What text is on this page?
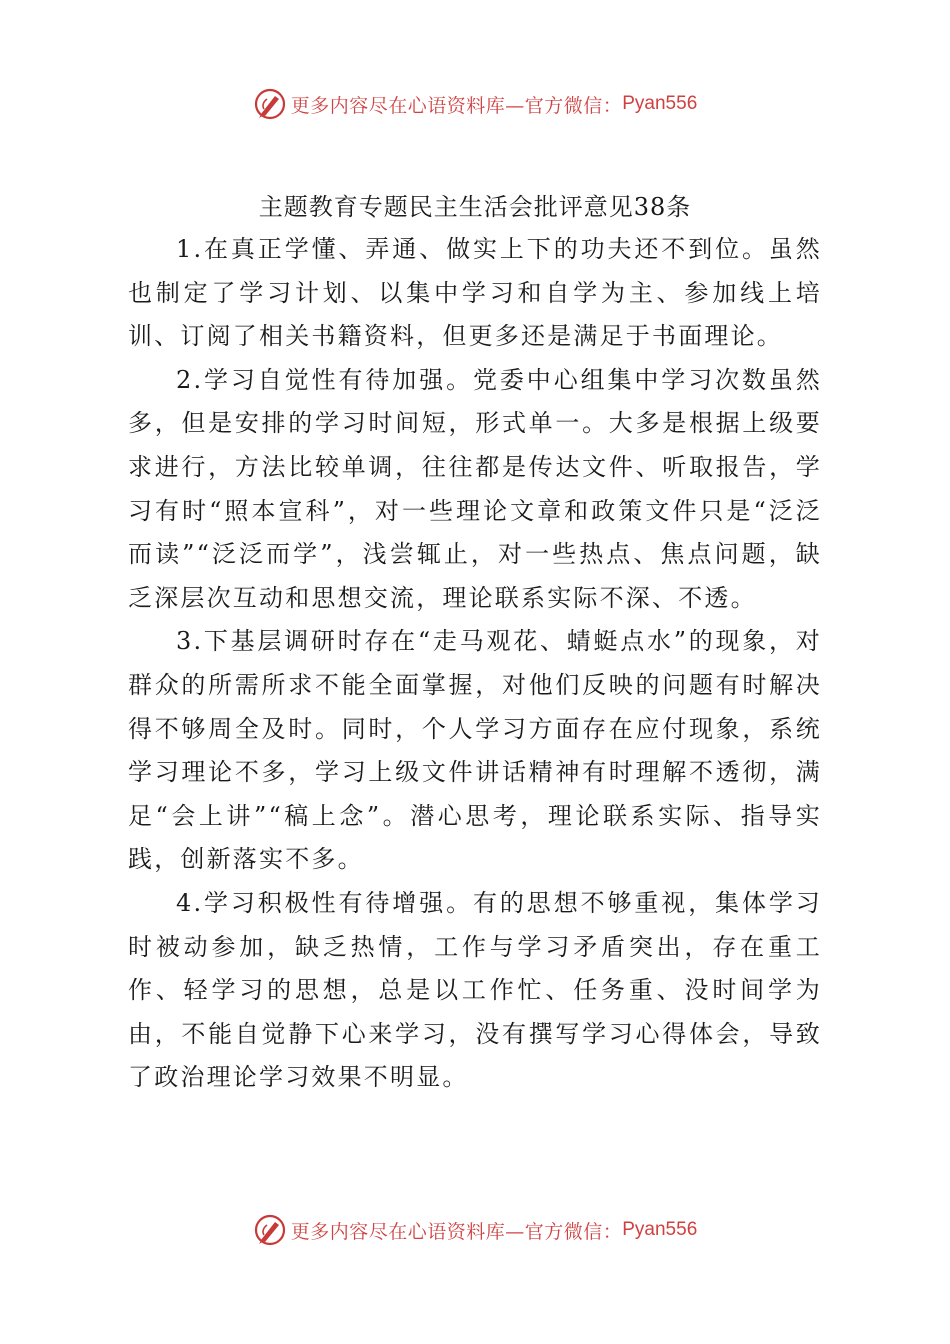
更多内容尽在心语资料库—官方微信： Pyan556
主题教育专题民主生活会批评意见38条

1.在真正学懂、弄通、做实上下的功夫还不到位。虽然也制定了学习计划、以集中学习和自学为主、参加线上培训、订阅了相关书籍资料，但更多还是满足于书面理论。

2.学习自觉性有待加强。党委中心组集中学习次数虽然多，但是安排的学习时间短，形式单一。大多是根据上级要求进行，方法比较单调，往往都是传达文件、听取报告，学习有时“照本宣科”，对一些理论文章和政策文件只是“泛泛而读”“泛泛而学”，浅尝辄止，对一些热点、焦点问题，缺乏深层次互动和思想交流，理论联系实际不深、不透。

3.下基层调研时存在“走马观花、蜻蜓点水”的现象，对群众的所需所求不能全面掌握，对他们反映的问题有时解决得不够周全及时。同时，个人学习方面存在应付现象，系统学习理论不多，学习上级文件讲话精神有时理解不透彻，满足“会上讲”“稿上念”。潜心思考，理论联系实际、指导实践，创新落实不多。

4.学习积极性有待增强。有的思想不够重视，集体学习时被动参加，缺乏热情，工作与学习矛盾突出，存在重工作、轻学习的思想，总是以工作忙、任务重、没时间学为由，不能自觉静下心来学习，没有撰写学习心得体会，导致了政治理论学习效果不明显。

更多内容尽在心语资料库—官方微信： Pyan556
